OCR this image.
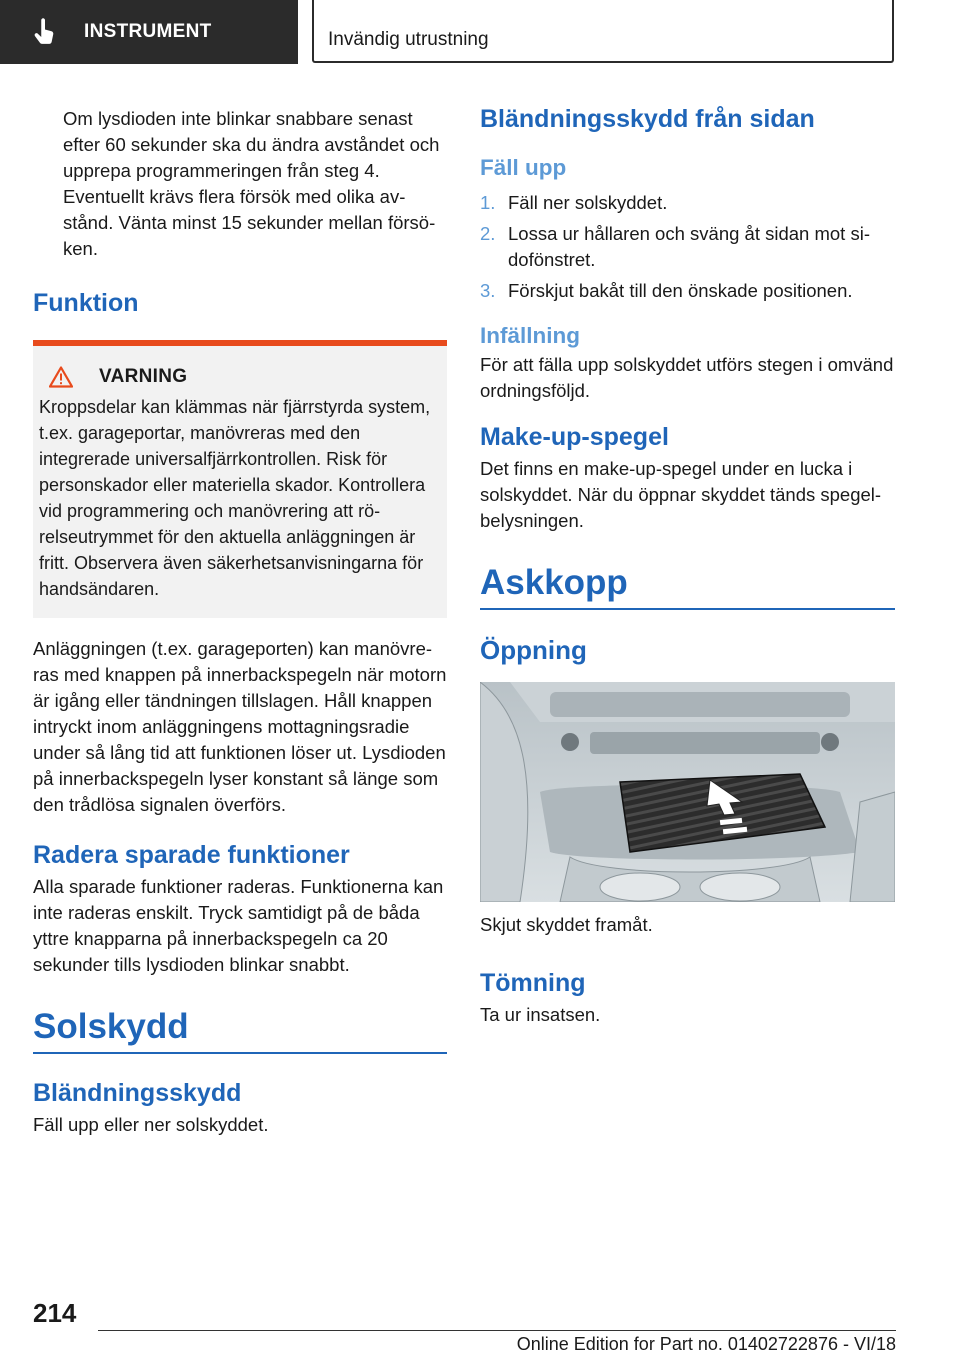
INSTRUMENT	Invändig utrustning

Om lysdioden inte blinkar snabbare senast efter 60 sekunder ska du ändra avståndet och upprepa programmeringen från steg 4. Eventuellt krävs flera försök med olika avstånd. Vänta minst 15 sekunder mellan försöken.

Funktion
VARNING

Kroppsdelar kan klämmas när fjärrstyrda system, t.ex. garageportar, manövreras med den integrerade universalfjärrkontrollen. Risk för personskador eller materiella skador. Kontrollera vid programmering och manövrering att rörelseutrymmet för den aktuella anläggningen är fritt. Observera även säkerhetsanvisningarna för handsändaren.

Anläggningen (t.ex. garageporten) kan manövreras med knappen på innerbackspegeln när motorn är igång eller tändningen tillslagen. Håll knappen intryckt inom anläggningens mottagningsradie under så lång tid att funktionen löser ut. Lysdioden på innerbackspegeln lyser konstant så länge som den trådlösa signalen överförs.

Radera sparade funktioner

Alla sparade funktioner raderas. Funktionerna kan inte raderas enskilt. Tryck samtidigt på de båda yttre knapparna på innerbackspegeln ca 20 sekunder tills lysdioden blinkar snabbt.

Solskydd
Bländningsskydd

Fäll upp eller ner solskyddet.

Bländningsskydd från sidan
Fäll upp
1. Fäll ner solskyddet.
2. Lossa ur hållaren och sväng åt sidan mot sidofönstret.
3. Förskjut bakåt till den önskade positionen.
Infällning

För att fälla upp solskyddet utförs stegen i omvänd ordningsföljd.

Make-up-spegel

Det finns en make-up-spegel under en lucka i solskyddet. När du öppnar skyddet tänds spegelbelysningen.

Askkopp
Öppning

Skjut skyddet framåt.

Tömning

Ta ur insatsen.

214
Online Edition for Part no. 01402722876 - VI/18
